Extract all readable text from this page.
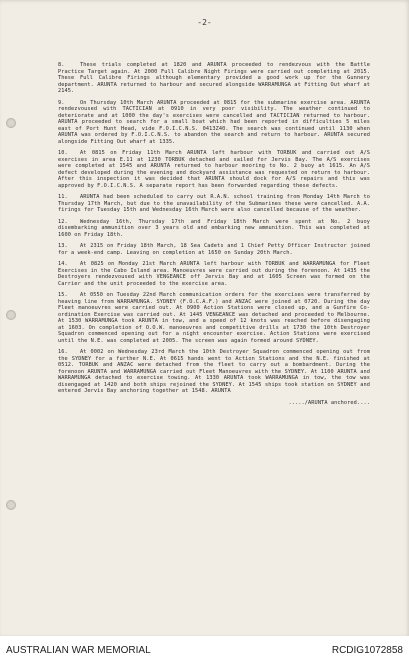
-2-

8.	These trials completed at 1820 and ARUNTA proceeded to rendezvous with the Battle Practice Target again. At 2000 Full Calibre Night Firings were carried out completing at 2015. These Full Calibre Firings although elementary provided a good work up for the Gunnery department. ARUNTA returned to harbour and secured alongside WARRAMUNGA at Fitting Out wharf at 2145.

9.	On Thursday 10th March ARUNTA proceeded at 0815 for the submarine exercise area. ARUNTA rendezvoused with TACTICIAN at 0910 in very poor visibility. The weather continued to deteriorate and at 1000 the day's exercises were cancelled and TACTICIAN returned to harbour. ARUNTA proceeded to search for a small boat which had been reported in difficulties 5 miles east of Port Hunt Head, vide F.O.I.C.N.S. 0413Z40. The search was continued until 1130 when ARUNTA was ordered by F.O.I.C.N.S. to abandon the search and return to harbour. ARUNTA secured alongside Fitting Out wharf at 1335.

10. At 0815 on Friday 11th March ARUNTA left harbour with TORBUK and carried out A/S exercises in area E.11 at 1230 TORBUK detached and sailed for Jervis Bay. The A/S exercises were completed at 1545 and ARUNTA returned to harbour mooring to No. 2 buoy at 1615. An A/S defect developed during the evening and dockyard assistance was requested on return to harbour. After this inspection it was decided that ARUNTA should dock for A/S repairs and this was approved by F.O.I.C.N.S. A separate report has been forwarded regarding these defects.

11. ARUNTA had been scheduled to carry out R.A.N. school training from Monday 14th March to Thursday 17th March, but due to the unavailability of the Submarines these were cancelled. A.A. firings for Tuesday 15th and Wednesday 16th March were also cancelled because of the weather.

12. Wednesday 16th, Thursday 17th and Friday 18th March were spent at No. 2 buoy disembarking ammunition over 3 years old and embarking new ammunition. This was completed at 1600 on Friday 18th.

13. At 2315 on Friday 18th March, 18 Sea Cadets and 1 Chief Petty Officer Instructor joined for a week-end camp. Leaving on completion at 1650 on Sunday 20th March.

14. At 0825 on Monday 21st March ARUNTA left harbour with TORBUK and WARRAMUNGA for Fleet Exercises in the Cabo Island area. Manoeuvres were carried out during the forenoon. At 1435 the Destroyers rendezvoused with VENGEANCE off Jervis Bay and at 1605 Screen was formed on the Carrier and the unit proceeded to the exercise area.

15. At 0550 on Tuesday 22nd March communication orders for the exercises were transferred by heaving line from WARRAMUNGA. SYDNEY (F.O.C.A.F.) and ANZAC were joined at 0720. During the day Fleet manoeuvres were carried out. At 0900 Action Stations were closed up, and a Gunfire Co-ordination Exercise was carried out. At 1445 VENGEANCE was detached and proceeded to Melbourne. At 1530 WARRAMUNGA took ARUNTA in tow, and a speed of 12 knots was reached before disengaging at 1603. On completion of O.O.W. manoeuvres and competitive drills at 1730 the 10th Destroyer Squadron commenced opening out for a night encounter exercise. Action Stations were exercised until the N.E. was completed at 2005. The screen was again formed around SYDNEY.

16. At 0002 on Wednesday 23rd March the 10th Destroyer Squadron commenced opening out from the SYDNEY for a further N.E. At 0615 hands went to Action Stations and the N.E. finished at 0512. TORBUK and ANZAC were detached from the fleet to carry out a bombardment. During the forenoon ARUNTA and WARRAMUNGA carried out Fleet Manoeuvres with the SYDNEY. At 1100 ARUNTA and WARRAMUNGA detached to exercise towing. At 1330 ARUNTA took WARRAMUNGA in tow, the tow was disengaged at 1420 and both ships rejoined the SYDNEY. At 1545 ships took station on SYDNEY and entered Jervis Bay anchoring together at 1548. ARUNTA

...../ARUNTA anchored....
AUSTRALIAN WAR MEMORIAL	RCDIG1072858
